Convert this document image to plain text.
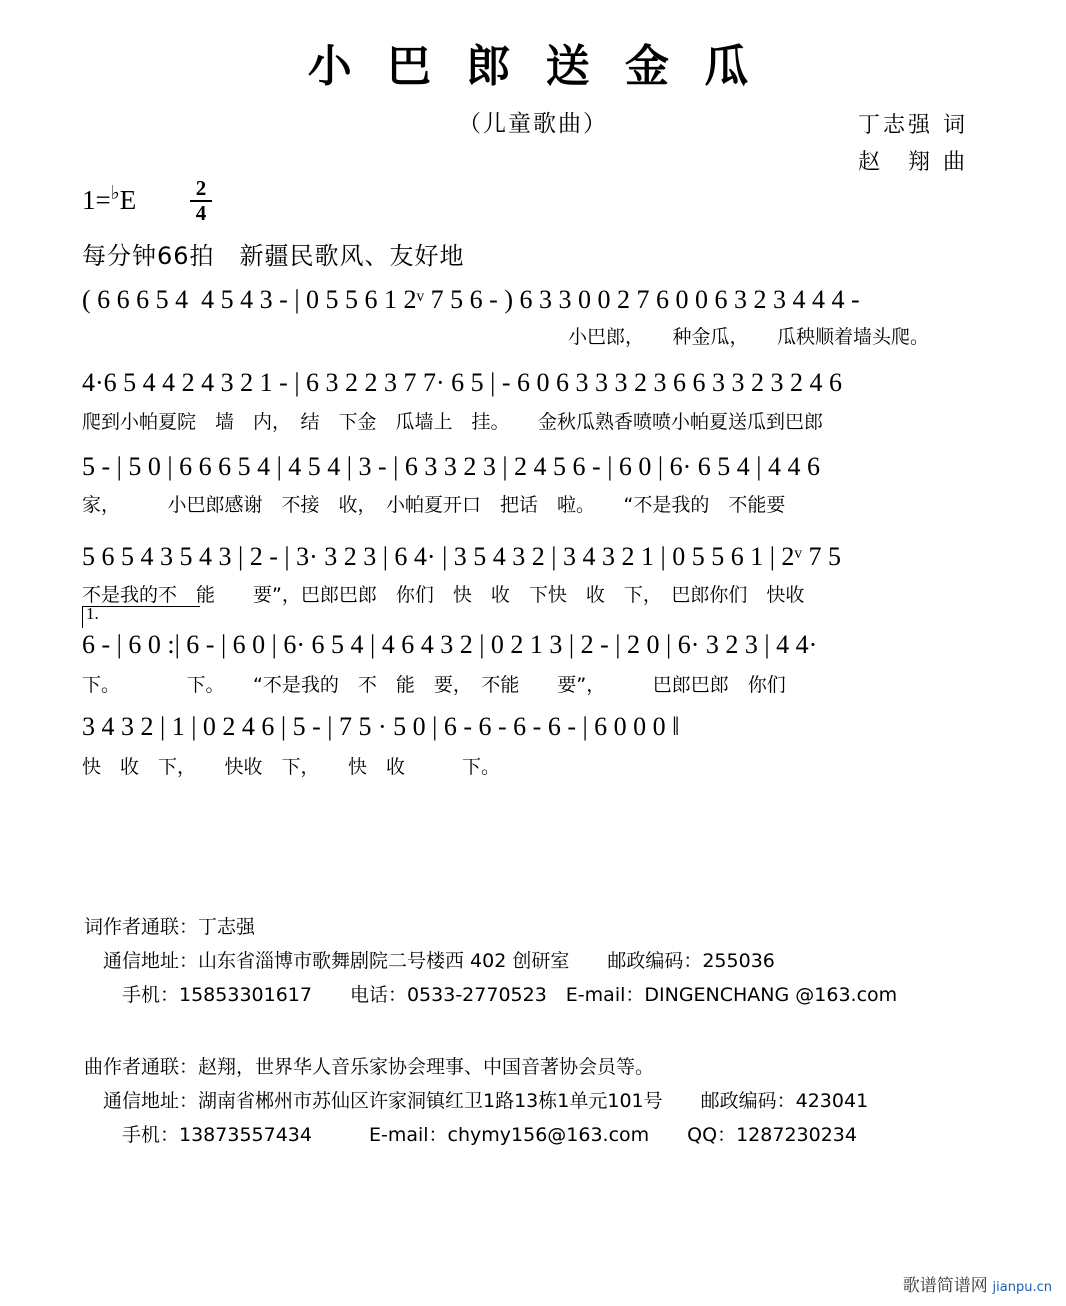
小 巴 郎 送 金 瓜
（儿童歌曲）	丁志强 词
赵　翔 曲
1=♭E	2
4
每分钟66拍　新疆民歌风、友好地
( 6 6 6 5 4  4 5 4 3 - | 0 5 5 6 1 2ᵛ 7 5 6 - ) 6 3 3 0 0 2 7 6 0 0 6 3 2 3 4 4 4 -
小巴郎，　　种金瓜，　　瓜秧顺着墙头爬。
4·6 5 4 4 2 4 3 2 1 - | 6 3 2 2 3 7 7· 6 5 | - 6 0 6 3 3 3 2 3 6 6 3 3 2 3 2 4 6
爬到小帕夏院　墙　内，　结　下金　瓜墙上　挂。　　金秋瓜熟香喷喷小帕夏送瓜到巴郎
5 - | 5 0 | 6 6 6 5 4 | 4 5 4 | 3 - | 6 3 3 2 3 | 2 4 5 6 - | 6 0 | 6· 6 5 4 | 4 4 6
家，　　　小巴郎感谢　不接　收，　小帕夏开口　把话　啦。　　“不是我的　不能要
5 6 5 4 3 5 4 3 | 2 - | 3· 3 2 3 | 6 4· | 3 5 4 3 2 | 3 4 3 2 1 | 0 5 5 6 1 | 2ᵛ 7 5
不是我的不　能　　要”，巴郎巴郎　你们　快　收　下快　收　下，　巴郎你们　快收
1.
6 - | 6 0 :| 6 - | 6 0 | 6· 6 5 4 | 4 6 4 3 2 | 0 2 1 3 | 2 - | 2 0 | 6· 3 2 3 | 4 4·
下。　　　　下。　　“不是我的　不　能　要，　不能　　要”，　　　巴郎巴郎　你们
3 4 3 2 | 1 | 0 2 4 6 | 5 - | 7 5 · 5 0 | 6 - 6 - 6 - 6 - | 6 0 0 0 ‖
快　收　下，　　快收　下，　　快　收　　　下。
词作者通联：丁志强
　通信地址：山东省淄博市歌舞剧院二号楼西 402 创研室　　邮政编码：255036
　　手机：15853301617　　电话：0533-2770523　E-mail：DINGENCHANG @163.com
曲作者通联：赵翔，世界华人音乐家协会理事、中国音著协会员等。
　通信地址：湖南省郴州市苏仙区许家洞镇红卫1路13栋1单元101号　　邮政编码：423041
　　手机：13873557434　　　E-mail：chymy156@163.com　　QQ：1287230234
歌谱简谱网 jianpu.cn
